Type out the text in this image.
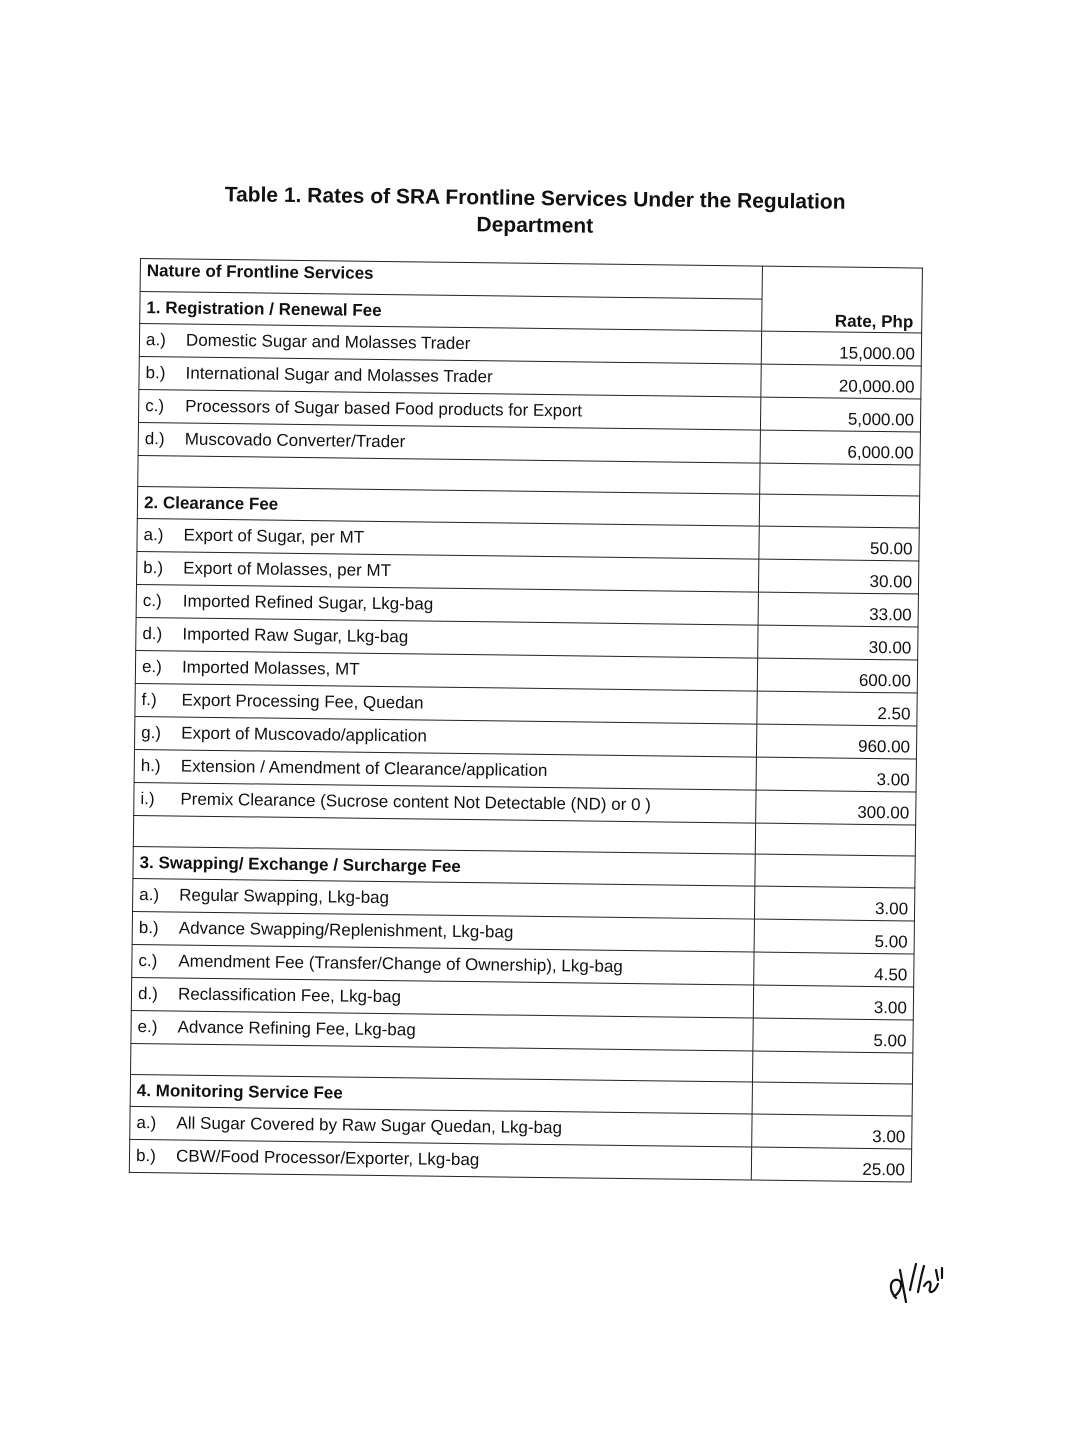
Table 1. Rates of SRA Frontline Services Under the Regulation
Department
Nature of Frontline Services	Rate, Php
1. Registration / Renewal Fee	
a.) Domestic Sugar and Molasses Trader	15,000.00
b.) International Sugar and Molasses Trader	20,000.00
c.) Processors of Sugar based Food products for Export	5,000.00
d.) Muscovado Converter/Trader	6,000.00

2. Clearance Fee	
a.) Export of Sugar, per MT	50.00
b.) Export of Molasses, per MT	30.00
c.) Imported Refined Sugar, Lkg-bag	33.00
d.) Imported Raw Sugar, Lkg-bag	30.00
e.) Imported Molasses, MT	600.00
f.) Export Processing Fee, Quedan	2.50
g.) Export of Muscovado/application	960.00
h.) Extension / Amendment of Clearance/application	3.00
i.) Premix Clearance (Sucrose content Not Detectable (ND) or 0 )	300.00

3. Swapping/ Exchange / Surcharge Fee	
a.) Regular Swapping, Lkg-bag	3.00
b.) Advance Swapping/Replenishment, Lkg-bag	5.00
c.) Amendment Fee (Transfer/Change of Ownership), Lkg-bag	4.50
d.) Reclassification Fee, Lkg-bag	3.00
e.) Advance Refining Fee, Lkg-bag	5.00

4. Monitoring Service Fee	
a.) All Sugar Covered by Raw Sugar Quedan, Lkg-bag	3.00
b.) CBW/Food Processor/Exporter, Lkg-bag	25.00
